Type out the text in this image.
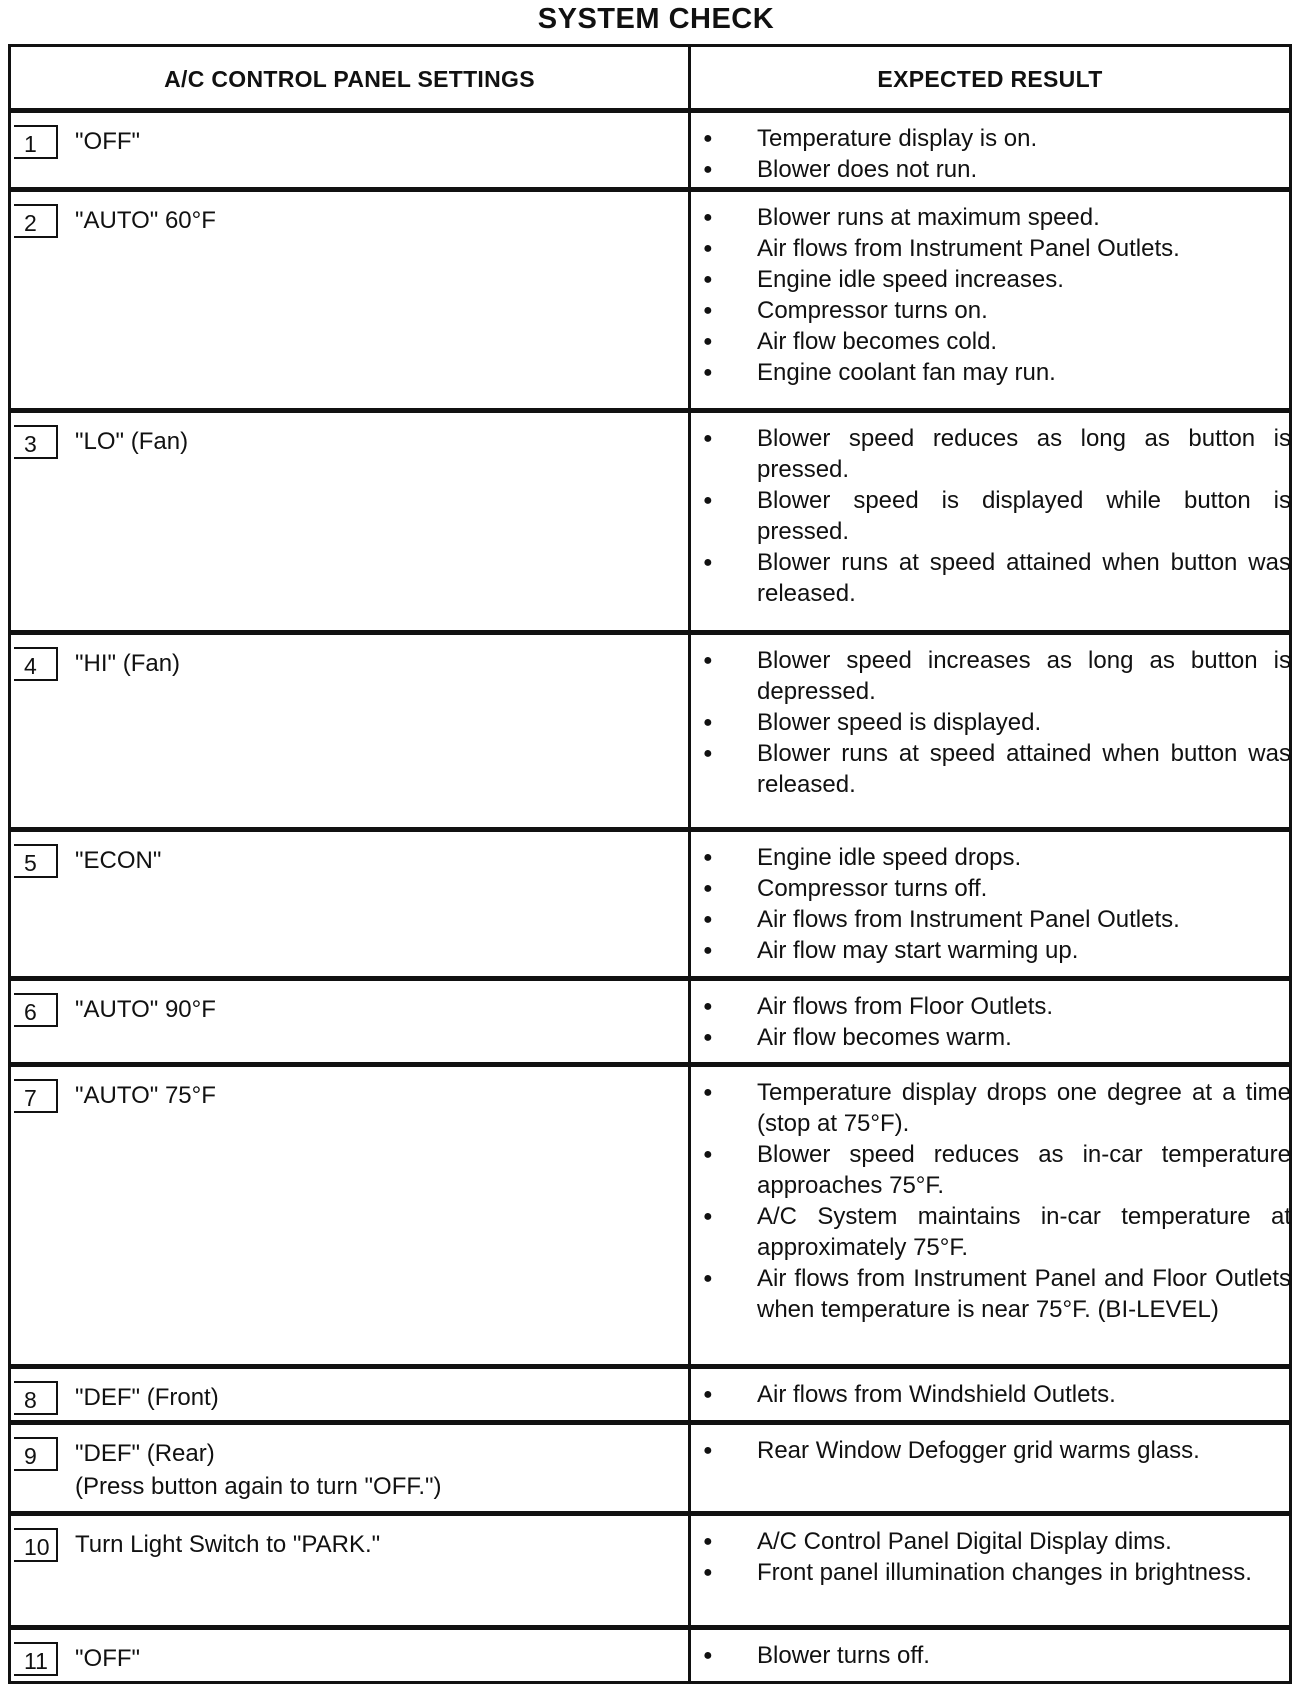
SYSTEM CHECK
A/C CONTROL PANEL SETTINGS	EXPECTED RESULT
1	"OFF"	● Temperature display is on.
● Blower does not run.
2	"AUTO" 60°F	● Blower runs at maximum speed.
● Air flows from Instrument Panel Outlets.
● Engine idle speed increases.
● Compressor turns on.
● Air flow becomes cold.
● Engine coolant fan may run.
3	"LO" (Fan)	● Blower speed reduces as long as button is pressed.
● Blower speed is displayed while button is pressed.
● Blower runs at speed attained when button was released.
4	"HI" (Fan)	● Blower speed increases as long as button is depressed.
● Blower speed is displayed.
● Blower runs at speed attained when button was released.
5	"ECON"	● Engine idle speed drops.
● Compressor turns off.
● Air flows from Instrument Panel Outlets.
● Air flow may start warming up.
6	"AUTO" 90°F	● Air flows from Floor Outlets.
● Air flow becomes warm.
7	"AUTO" 75°F	● Temperature display drops one degree at a time (stop at 75°F).
● Blower speed reduces as in-car temperature approaches 75°F.
● A/C System maintains in-car temperature at approximately 75°F.
● Air flows from Instrument Panel and Floor Outlets when temperature is near 75°F. (BI-LEVEL)
8	"DEF" (Front)	● Air flows from Windshield Outlets.
9	"DEF" (Rear)
(Press button again to turn "OFF.")
● Rear Window Defogger grid warms glass.
10	Turn Light Switch to "PARK."	● A/C Control Panel Digital Display dims.
● Front panel illumination changes in brightness.
11	"OFF"	● Blower turns off.
